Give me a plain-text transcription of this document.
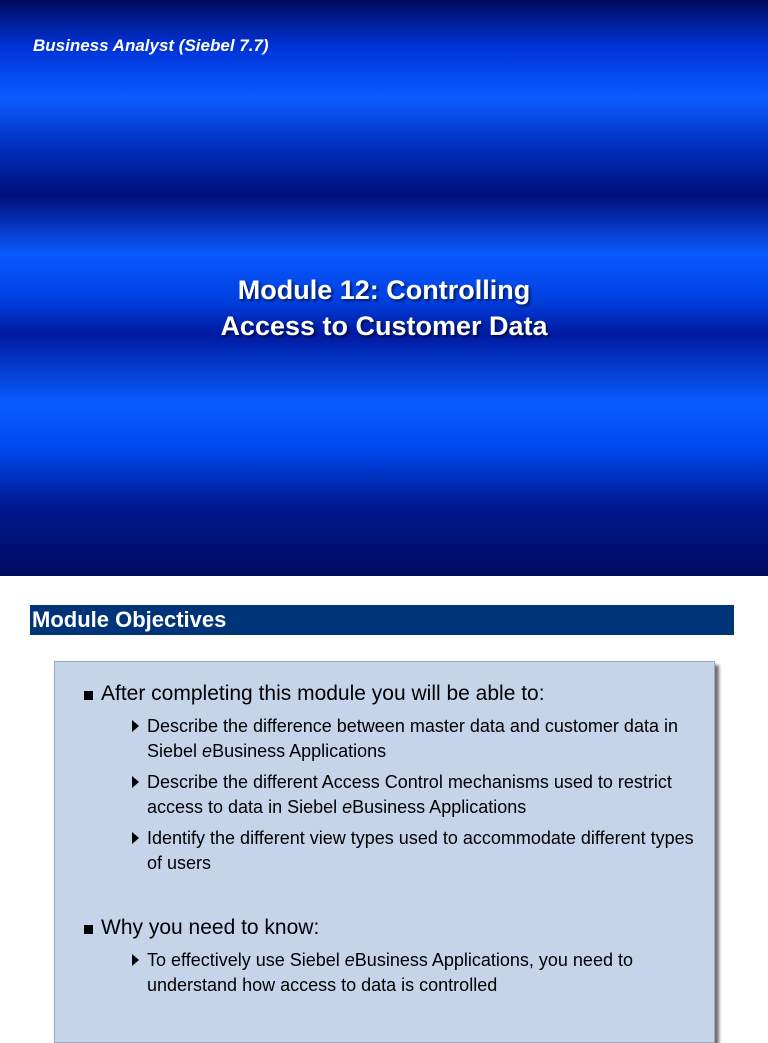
Business Analyst (Siebel 7.7)
Module 12: Controlling
Access to Customer Data
Module Objectives
After completing this module you will be able to:
Describe the difference between master data and customer data in Siebel eBusiness Applications
Describe the different Access Control mechanisms used to restrict access to data in Siebel eBusiness Applications
Identify the different view types used to accommodate different types of users
Why you need to know:
To effectively use Siebel eBusiness Applications, you need to understand how access to data is controlled
